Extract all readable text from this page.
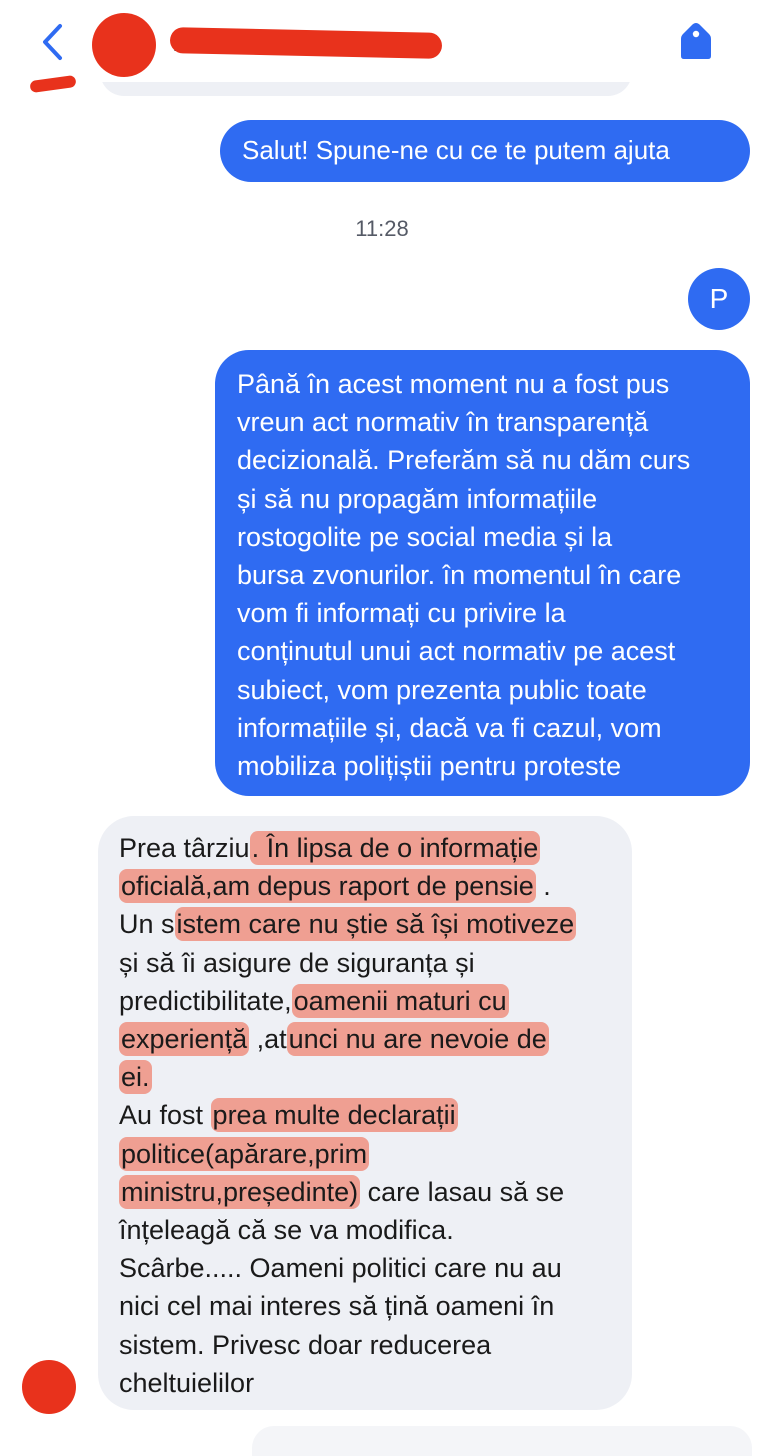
Salut! Spune-ne cu ce te putem ajuta
11:28
P
Până în acest moment nu a fost pus
vreun act normativ în transparență
decizională. Preferăm să nu dăm curs
și să nu propagăm informațiile
rostogolite pe social media și la
bursa zvonurilor. în momentul în care
vom fi informați cu privire la
conținutul unui act normativ pe acest
subiect, vom prezenta public toate
informațiile și, dacă va fi cazul, vom
mobiliza polițiștii pentru proteste
Prea târziu. În lipsa de o informație
oficială,am depus raport de pensie .
Un sistem care nu știe să își motiveze
și să îi asigure de siguranța și
predictibilitate,oamenii maturi cu
experiență ,atunci nu are nevoie de
ei.
Au fost prea multe declarații
politice(apărare,prim
ministru,președinte) care lasau să se
înțeleagă că se va modifica.
Scârbe..... Oameni politici care nu au
nici cel mai interes să țină oameni în
sistem. Privesc doar reducerea
cheltuielilor
